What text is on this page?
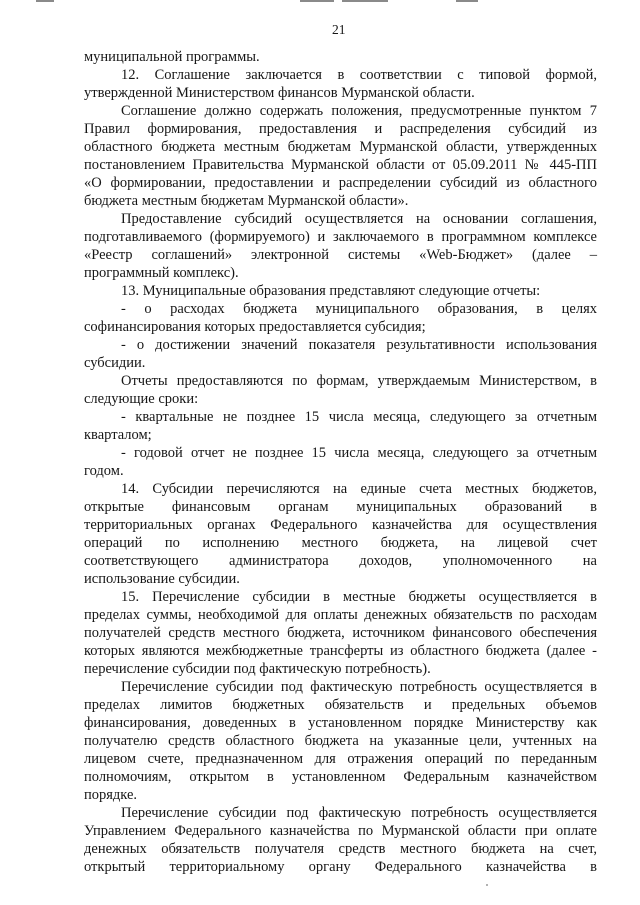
21
муниципальной программы.
12. Соглашение заключается в соответствии с типовой формой,
утвержденной Министерством финансов Мурманской области.
Соглашение должно содержать положения, предусмотренные пунктом 7
Правил формирования, предоставления и распределения субсидий из
областного бюджета местным бюджетам Мурманской области, утвержденных
постановлением Правительства Мурманской области от 05.09.2011 № 445-ПП
«О формировании, предоставлении и распределении субсидий из областного
бюджета местным бюджетам Мурманской области».
Предоставление субсидий осуществляется на основании соглашения,
подготавливаемого (формируемого) и заключаемого в программном комплексе
«Реестр соглашений» электронной системы «Web-Бюджет» (далее –
программный комплекс).
13. Муниципальные образования представляют следующие отчеты:
- о расходах бюджета муниципального образования, в целях
софинансирования которых предоставляется субсидия;
- о достижении значений показателя результативности использования
субсидии.
Отчеты предоставляются по формам, утверждаемым Министерством, в
следующие сроки:
- квартальные не позднее 15 числа месяца, следующего за отчетным
кварталом;
- годовой отчет не позднее 15 числа месяца, следующего за отчетным
годом.
14. Субсидии перечисляются на единые счета местных бюджетов,
открытые финансовым органам муниципальных образований в
территориальных органах Федерального казначейства для осуществления
операций по исполнению местного бюджета, на лицевой счет
соответствующего администратора доходов, уполномоченного на
использование субсидии.
15. Перечисление субсидии в местные бюджеты осуществляется в
пределах суммы, необходимой для оплаты денежных обязательств по расходам
получателей средств местного бюджета, источником финансового обеспечения
которых являются межбюджетные трансферты из областного бюджета (далее -
перечисление субсидии под фактическую потребность).
Перечисление субсидии под фактическую потребность осуществляется в
пределах лимитов бюджетных обязательств и предельных объемов
финансирования, доведенных в установленном порядке Министерству как
получателю средств областного бюджета на указанные цели, учтенных на
лицевом счете, предназначенном для отражения операций по переданным
полномочиям, открытом в установленном Федеральным казначейством
порядке.
Перечисление субсидии под фактическую потребность осуществляется
Управлением Федерального казначейства по Мурманской области при оплате
денежных обязательств получателя средств местного бюджета на счет,
открытый территориальному органу Федерального казначейства в
